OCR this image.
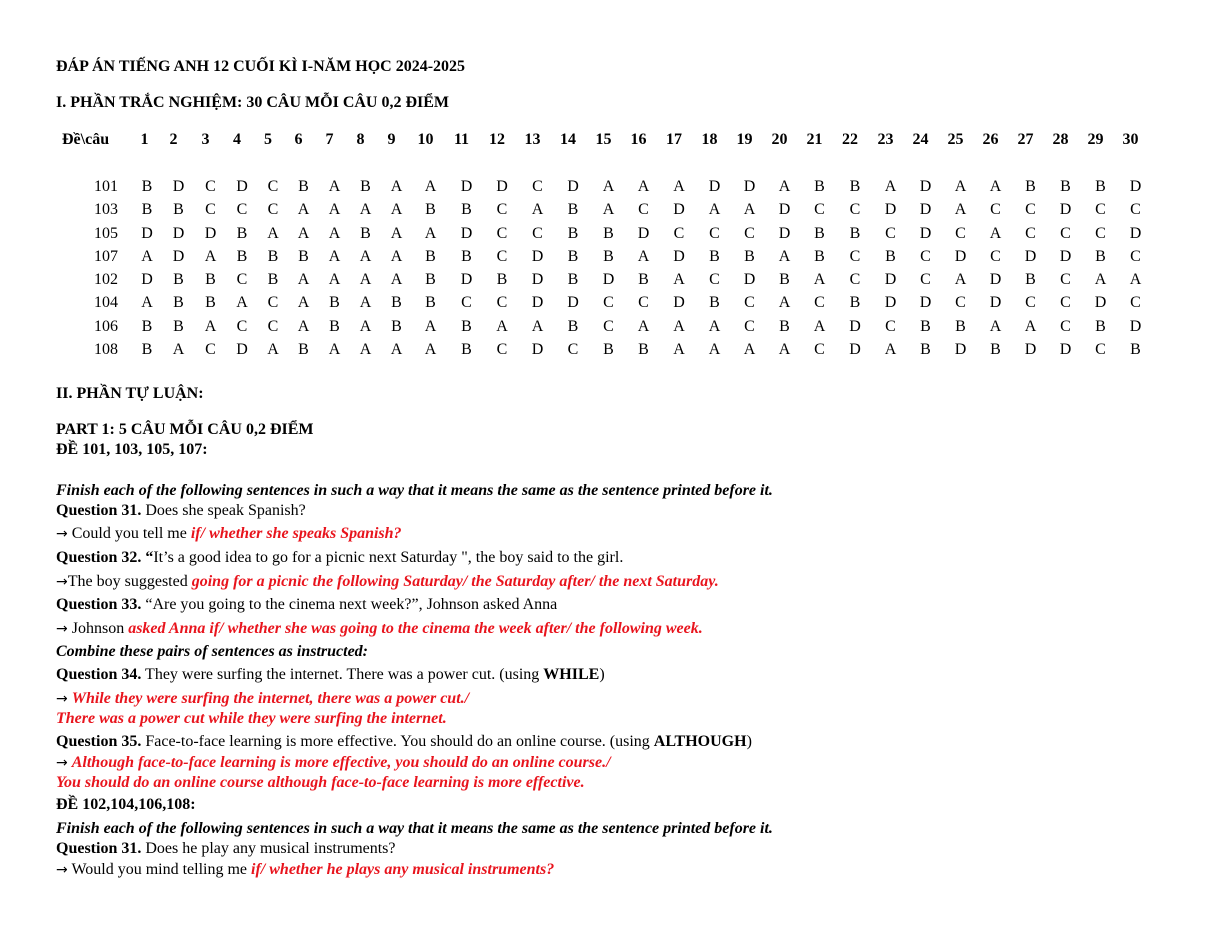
ĐÁP ÁN TIẾNG ANH 12 CUỐI KÌ I-NĂM HỌC 2024-2025
I. PHẦN TRẮC NGHIỆM: 30 CÂU MỖI CÂU 0,2 ĐIỂM
Đề\câu	1	2	3	4	5	6	7	8	9	10	11	12	13	14	15	16	17	18	19	20	21	22	23	24	25	26	27	28	29	30
101	B	D	C	D	C	B	A	B	A	A	D	D	C	D	A	A	A	D	D	A	B	B	A	D	A	A	B	B	B	D
103	B	B	C	C	C	A	A	A	A	B	B	C	A	B	A	C	D	A	A	D	C	C	D	D	A	C	C	D	C	C
105	D	D	D	B	A	A	A	B	A	A	D	C	C	B	B	D	C	C	C	D	B	B	C	D	C	A	C	C	C	D
107	A	D	A	B	B	B	A	A	A	B	B	C	D	B	B	A	D	B	B	A	B	C	B	C	D	C	D	D	B	C
102	D	B	B	C	B	A	A	A	A	B	D	B	D	B	D	B	A	C	D	B	A	C	D	C	A	D	B	C	A	A
104	A	B	B	A	C	A	B	A	B	B	C	C	D	D	C	C	D	B	C	A	C	B	D	D	C	D	C	C	D	C
106	B	B	A	C	C	A	B	A	B	A	B	A	A	B	C	A	A	A	C	B	A	D	C	B	B	A	A	C	B	D
108	B	A	C	D	A	B	A	A	A	A	B	C	D	C	B	B	A	A	A	A	C	D	A	B	D	B	D	D	C	B
II. PHẦN TỰ LUẬN:
PART 1: 5 CÂU MỖI CÂU 0,2 ĐIỂM
ĐỀ 101, 103, 105, 107:
Finish each of the following sentences in such a way that it means the same as the sentence printed before it.
Question 31. Does she speak Spanish?
→ Could you tell me if/ whether she speaks Spanish?
Question 32. “It’s a good idea to go for a picnic next Saturday ", the boy said to the girl.
→The boy suggested going for a picnic the following Saturday/ the Saturday after/ the next Saturday.
Question 33. “Are you going to the cinema next week?”, Johnson asked Anna
→ Johnson asked Anna if/ whether she was going to the cinema the week after/ the following week.
Combine these pairs of sentences as instructed:
Question 34. They were surfing the internet. There was a power cut. (using WHILE)
→ While they were surfing the internet, there was a power cut./
There was a power cut while they were surfing the internet.
Question 35. Face-to-face learning is more effective. You should do an online course. (using ALTHOUGH)
→ Although face-to-face learning is more effective, you should do an online course./
You should do an online course although face-to-face learning is more effective.
ĐỀ 102,104,106,108:
Finish each of the following sentences in such a way that it means the same as the sentence printed before it.
Question 31. Does he play any musical instruments?
→ Would you mind telling me if/ whether he plays any musical instruments?
